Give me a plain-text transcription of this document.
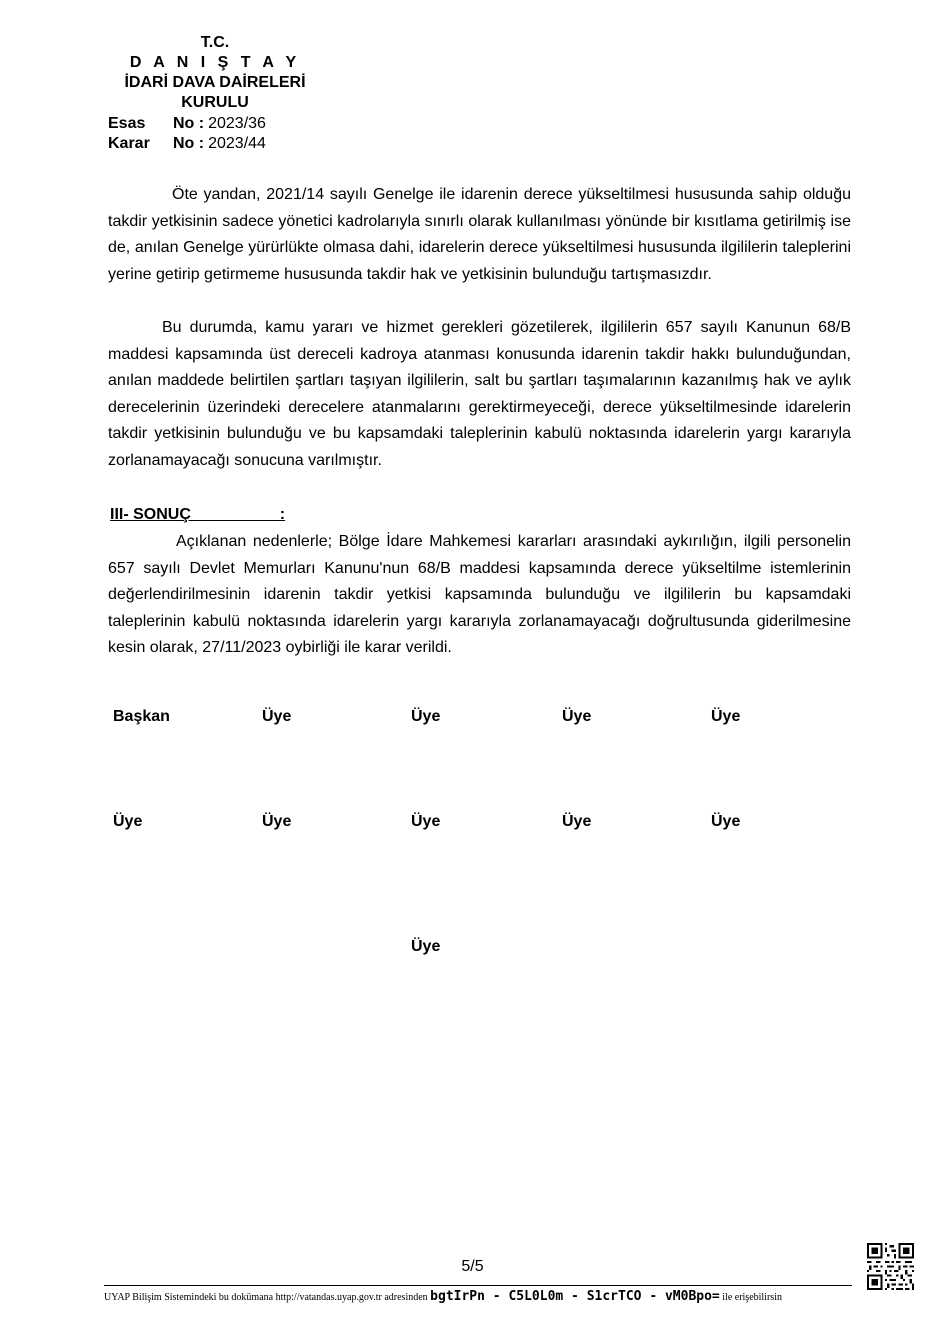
T.C.
D A N I Ş T A Y
İDARİ DAVA DAİRELERİ
KURULU
Esas	No : 2023/36
Karar	No : 2023/44

Öte yandan, 2021/14 sayılı Genelge ile idarenin derece yükseltilmesi hususunda sahip olduğu takdir yetkisinin sadece yönetici kadrolarıyla sınırlı olarak kullanılması yönünde bir kısıtlama getirilmiş ise de, anılan Genelge yürürlükte olmasa dahi, idarelerin derece yükseltilmesi hususunda ilgililerin taleplerini yerine getirip getirmeme hususunda takdir hak ve yetkisinin bulunduğu tartışmasızdır.

Bu durumda, kamu yararı ve hizmet gerekleri gözetilerek, ilgililerin 657 sayılı Kanunun 68/B maddesi kapsamında üst dereceli kadroya atanması konusunda idarenin takdir hakkı bulunduğundan, anılan maddede belirtilen şartları taşıyan ilgililerin, salt bu şartları taşımalarının kazanılmış hak ve aylık derecelerinin üzerindeki derecelere atanmalarını gerektirmeyeceği, derece yükseltilmesinde idarelerin takdir yetkisinin bulunduğu ve bu kapsamdaki taleplerinin kabulü noktasında idarelerin yargı kararıyla zorlanamayacağı sonucuna varılmıştır.

III- SONUÇ                    :

Açıklanan nedenlerle; Bölge İdare Mahkemesi kararları arasındaki aykırılığın, ilgili personelin 657 sayılı Devlet Memurları Kanunu'nun 68/B maddesi kapsamında derece yükseltilme istemlerinin değerlendirilmesinin idarenin takdir yetkisi kapsamında bulunduğu ve ilgililerin bu kapsamdaki taleplerinin kabulü noktasında idarelerin yargı kararıyla zorlanamayacağı doğrultusunda giderilmesine kesin olarak, 27/11/2023 oybirliği ile karar verildi.

Başkan	Üye	Üye	Üye	Üye
Üye	Üye	Üye	Üye	Üye
Üye
5/5
UYAP Bilişim Sistemindeki bu dokümana http://vatandas.uyap.gov.tr adresinden bgtIrPn - C5L0L0m - S1crTCO - vM0Bpo= ile erişebilirsin
